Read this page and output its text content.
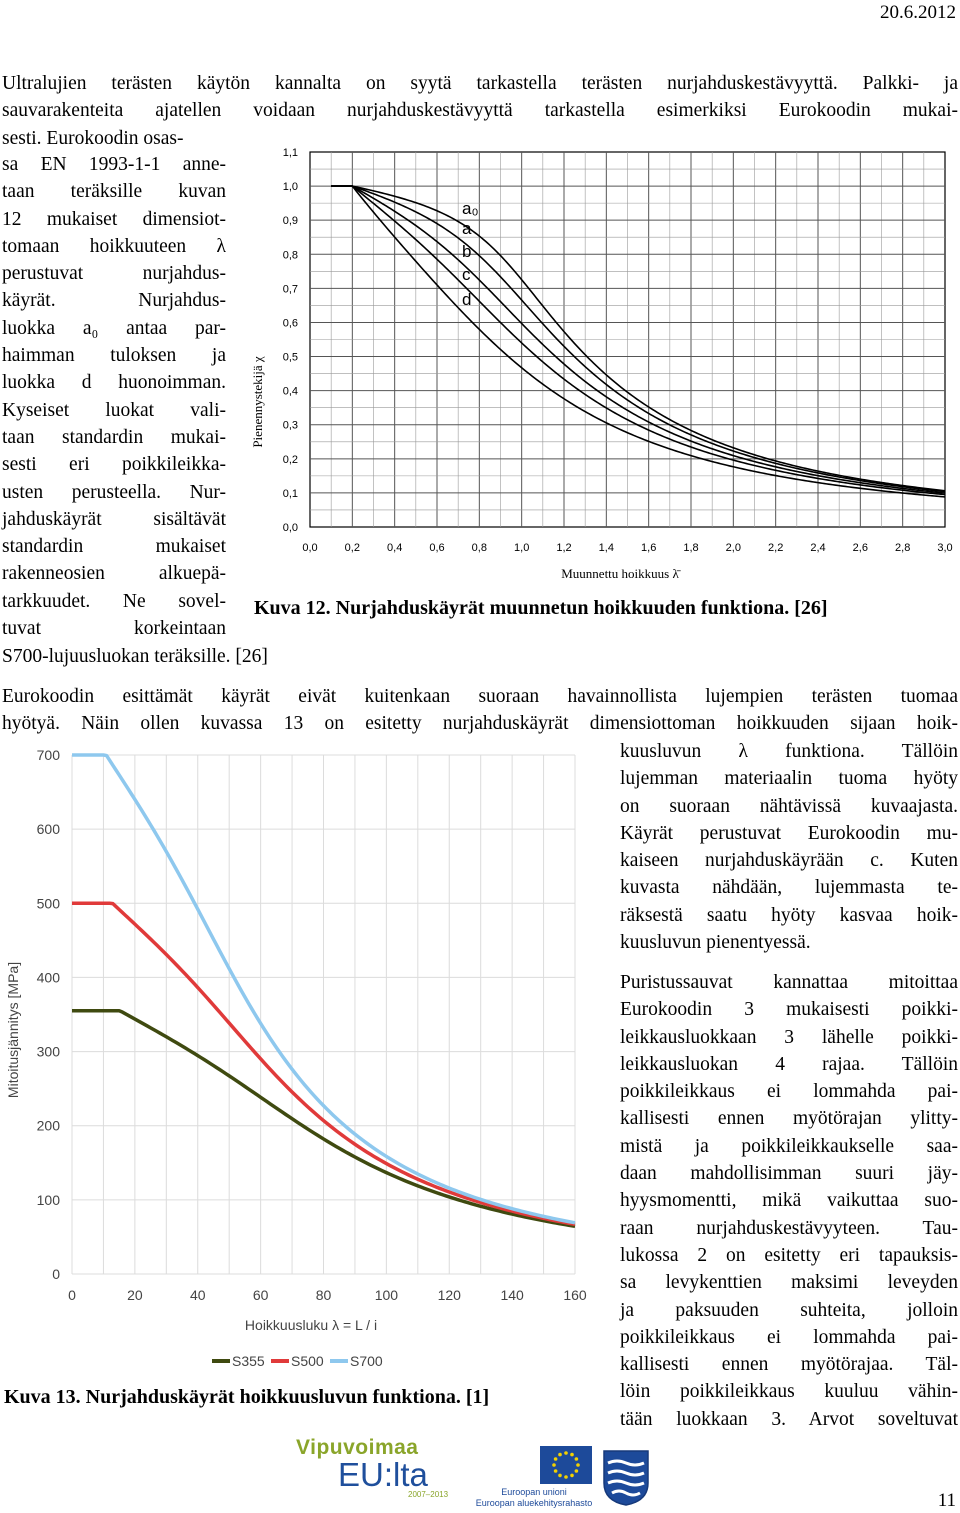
20.6.2012
Ultralujien terästen käytön kannalta on syytä tarkastella terästen nurjahduskestävyyttä. Palkki- ja
sauvarakenteita ajatellen voidaan nurjahduskestävyyttä tarkastella esimerkiksi Eurokoodin mukai-
sesti. Eurokoodin osas-
sa EN 1993-1-1 anne-
taan teräksille kuvan
12 mukaiset dimensiot-
tomaan hoikkuuteen λ
perustuvat nurjahdus-
käyrät. Nurjahdus-
luokka a₀ antaa par-
haimman tuloksen ja
luokka d huonoimman.
Kyseiset luokat vali-
taan standardin mukai-
sesti eri poikkileikka-
usten perusteella. Nur-
jahduskäyrät sisältävät
standardin mukaiset
rakenneosien alkuepä-
tarkkuudet. Ne sovel-
tuvat korkeintaan
S700-lujuusluokan teräksille. [26]
0,0
0,1
0,2
0,3
0,4
0,5
0,6
0,7
0,8
0,9
1,0
1,1
0,0 0,2 0,4 0,6 0,8 1,0 1,2 1,4 1,6 1,8 2,0 2,2 2,4 2,6 2,8 3,0
a₀
a
b
c
d
Pienennystekijä χ
Muunnettu hoikkuus λ̄
Kuva 12. Nurjahduskäyrät muunnetun hoikkuuden funktiona. [26]
Eurokoodin esittämät käyrät eivät kuitenkaan suoraan havainnollista lujempien terästen tuomaa
hyötyä. Näin ollen kuvassa 13 on esitetty nurjahduskäyrät dimensiottoman hoikkuuden sijaan hoik-
kuusluvun λ funktiona. Tällöin
lujemman materiaalin tuoma hyöty
on suoraan nähtävissä kuvaajasta.
Käyrät perustuvat Eurokoodin mu-
kaiseen nurjahduskäyrään c. Kuten
kuvasta nähdään, lujemmasta te-
räksestä saatu hyöty kasvaa hoik-
kuusluvun pienentyessä.
Puristussauvat kannattaa mitoittaa
Eurokoodin 3 mukaisesti poikki-
leikkausluokkaan 3 lähelle poikki-
leikkausluokan 4 rajaa. Tällöin
poikkileikkaus ei lommahda pai-
kallisesti ennen myötörajan ylitty-
mistä ja poikkileikkaukselle saa-
daan mahdollisimman suuri jäy-
hyysmomentti, mikä vaikuttaa suo-
raan nurjahduskestävyyteen. Tau-
lukossa 2 on esitetty eri tapauksis-
sa levykenttien maksimi leveyden
ja paksuuden suhteita, jolloin
poikkileikkaus ei lommahda pai-
kallisesti ennen myötörajaa. Täl-
löin poikkileikkaus kuuluu vähin-
tään luokkaan 3. Arvot soveltuvat
0
100
200
300
400
500
600
700
0	20	40	60	80	100	120	140	160
S355 S500 S700
Mitoitusjännitys [MPa]
Hoikkuusluku λ = L / i
Kuva 13. Nurjahduskäyrät hoikkuusluvun funktiona. [1]
Vipuvoimaa
EU:lta
2007–2013	Euroopan unioni
Euroopan aluekehitysrahasto	11
